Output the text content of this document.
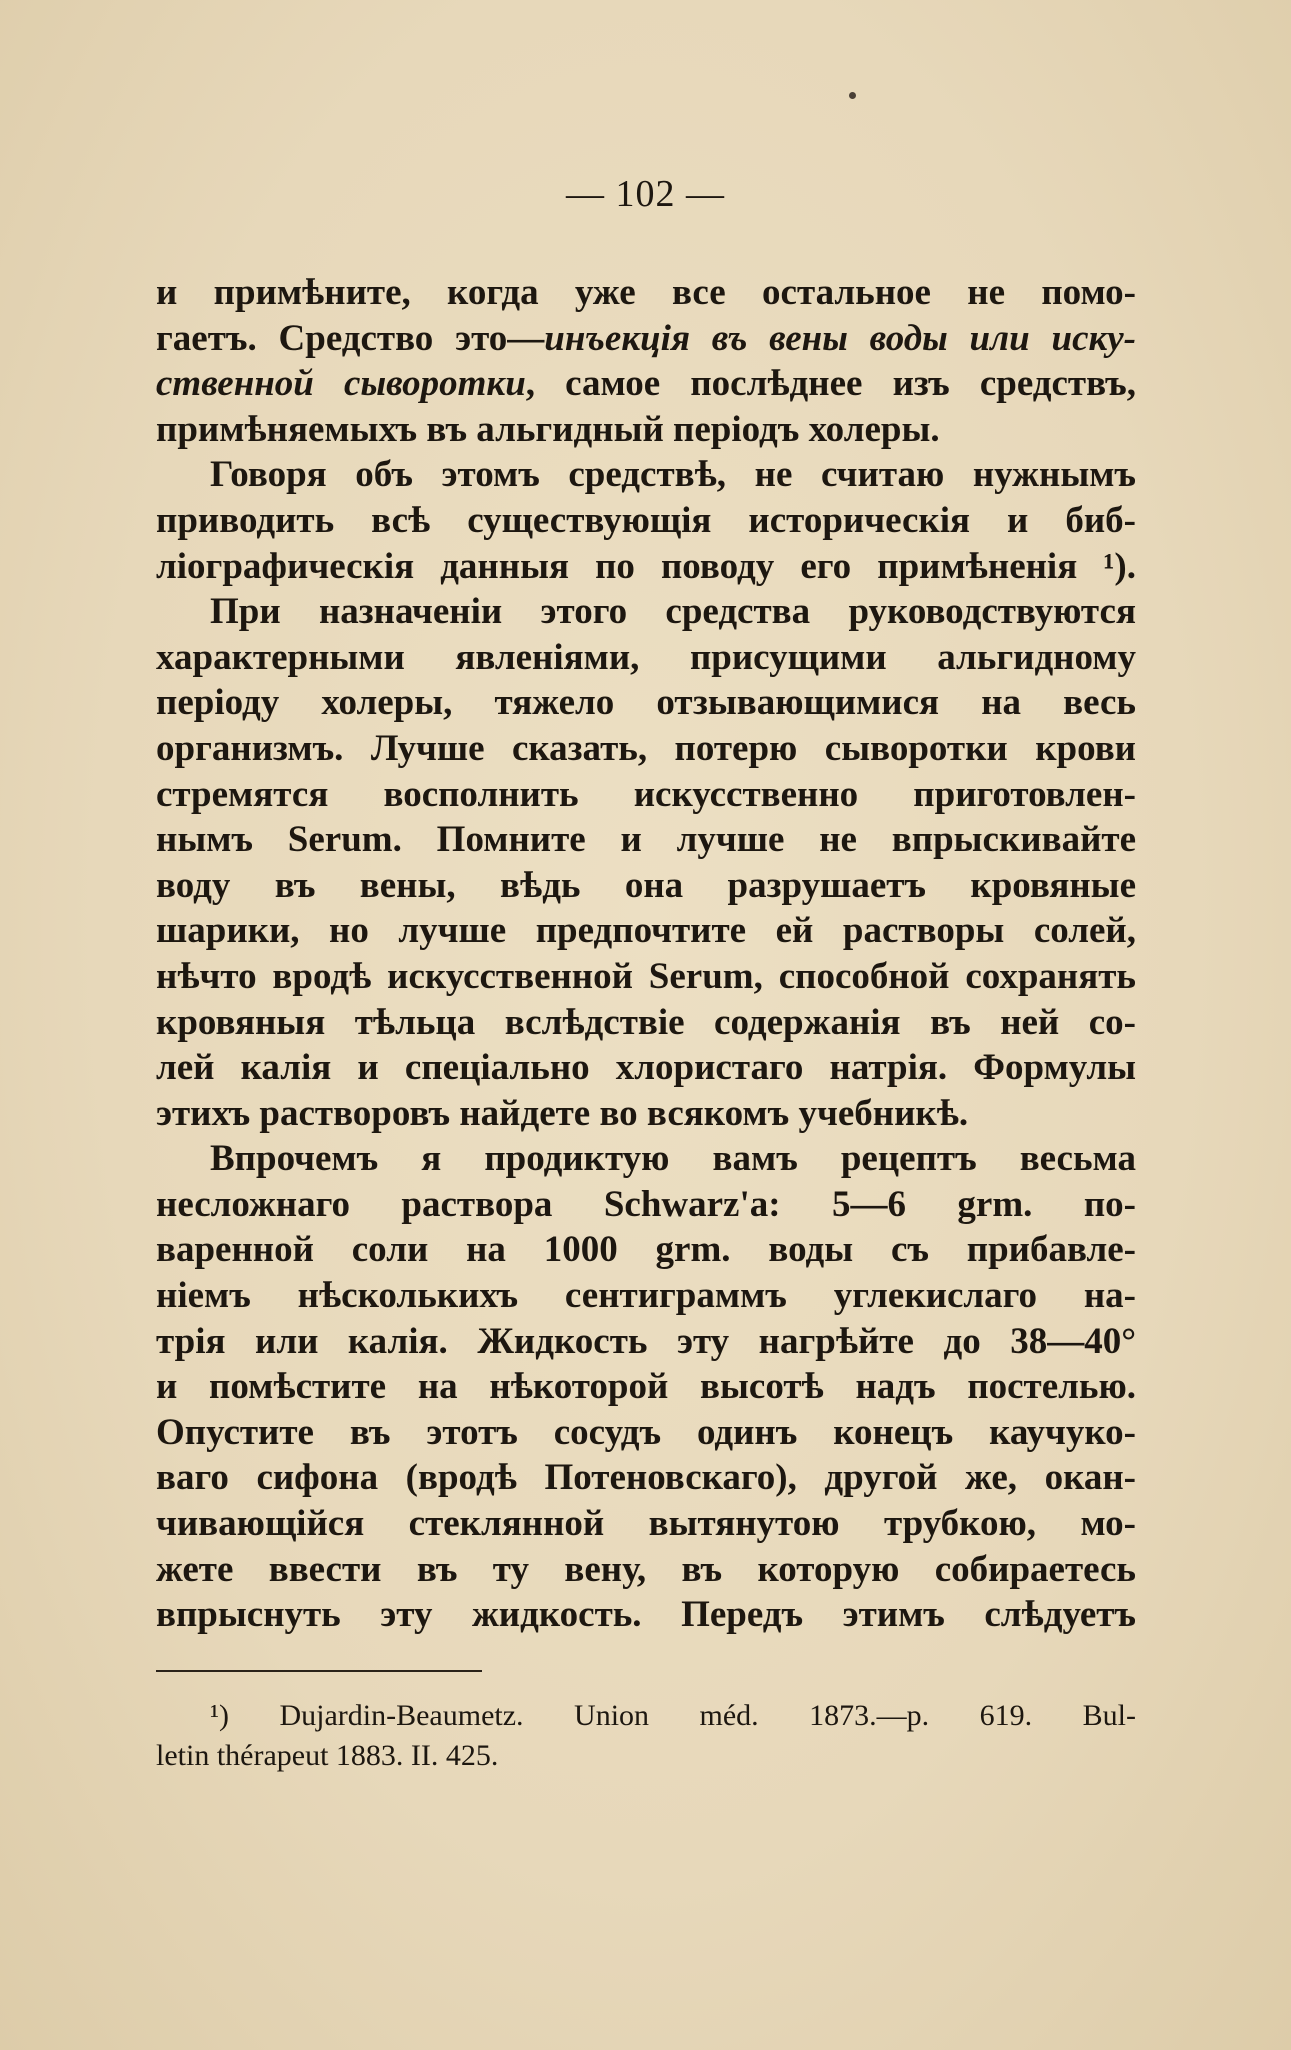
— 102 —
и примѣните, когда уже все остальное не помо-
гаетъ. Средство это—инъекція въ вены воды или иску-
ственной сыворотки, самое послѣднее изъ средствъ,
примѣняемыхъ въ альгидный періодъ холеры.
Говоря объ этомъ средствѣ, не считаю нужнымъ
приводить всѣ существующія историческія и биб-
ліографическія данныя по поводу его примѣненія ¹).
При назначеніи этого средства руководствуются
характерными явленіями, присущими альгидному
періоду холеры, тяжело отзывающимися на весь
организмъ. Лучше сказать, потерю сыворотки крови
стремятся восполнить искусственно приготовлен-
нымъ Serum. Помните и лучше не впрыскивайте
воду въ вены, вѣдь она разрушаетъ кровяные
шарики, но лучше предпочтите ей растворы солей,
нѣчто вродѣ искусственной Serum, способной сохранять
кровяныя тѣльца вслѣдствіе содержанія въ ней со-
лей калія и спеціально хлористаго натрія. Формулы
этихъ растворовъ найдете во всякомъ учебникѣ.
Впрочемъ я продиктую вамъ рецептъ весьма
несложнаго раствора Schwarz'а: 5—6 grm. по-
варенной соли на 1000 grm. воды съ прибавле-
ніемъ нѣсколькихъ сентиграммъ углекислаго на-
трія или калія. Жидкость эту нагрѣйте до 38—40°
и помѣстите на нѣкоторой высотѣ надъ постелью.
Опустите въ этотъ сосудъ одинъ конецъ каучуко-
ваго сифона (вродѣ Потеновскаго), другой же, окан-
чивающійся стеклянной вытянутою трубкою, мо-
жете ввести въ ту вену, въ которую собираетесь
впрыснуть эту жидкость. Передъ этимъ слѣдуетъ
¹) Dujardin-Beaumetz. Union méd. 1873.—p. 619. Bul-
letin thérapeut 1883. II. 425.
